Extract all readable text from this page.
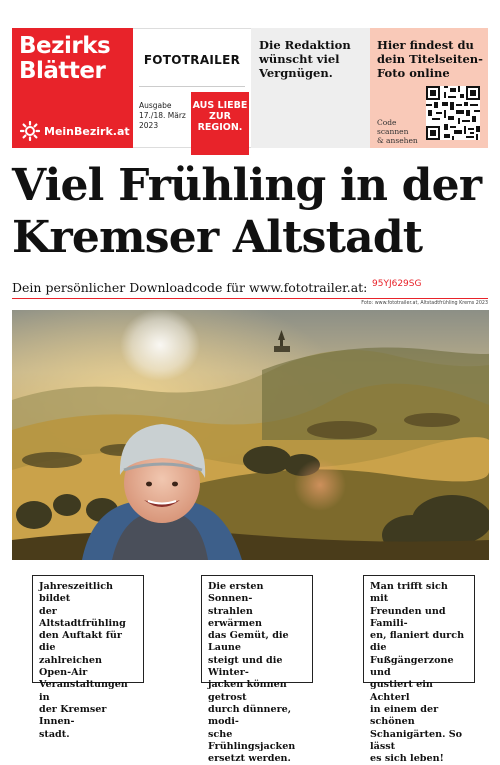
Bezirks
Blätter
MeinBezirk.at
FOTOTRAILER
Ausgabe
17./18. März
2023
AUS LIEBE
ZUR
REGION.
Die Redaktion
wünscht viel
Vergnügen.
Hier findest du
dein Titelseiten-
Foto online
Code
scannen
& ansehen
Viel Frühling in der
Kremser Altstadt
Dein persönlicher Downloadcode für www.fototrailer.at: 95YJ629SG
Foto: www.fototrailer.at, Altstadtfrühling Krems 2023
Jahreszeitlich bildet
der Altstadtfrühling
den Auftakt für die
zahlreichen Open-Air
Veranstaltungen in
der Kremser Innen-
stadt.
Die ersten Sonnen-
strahlen erwärmen
das Gemüt, die Laune
steigt und die Winter-
jacken können getrost
durch dünnere, modi-
sche Frühlingsjacken
ersetzt werden.
Man trifft sich mit
Freunden und Famili-
en, flaniert durch die
Fußgängerzone und
gustiert ein Achterl
in einem der schönen
Schanigärten. So lässt
es sich leben!
